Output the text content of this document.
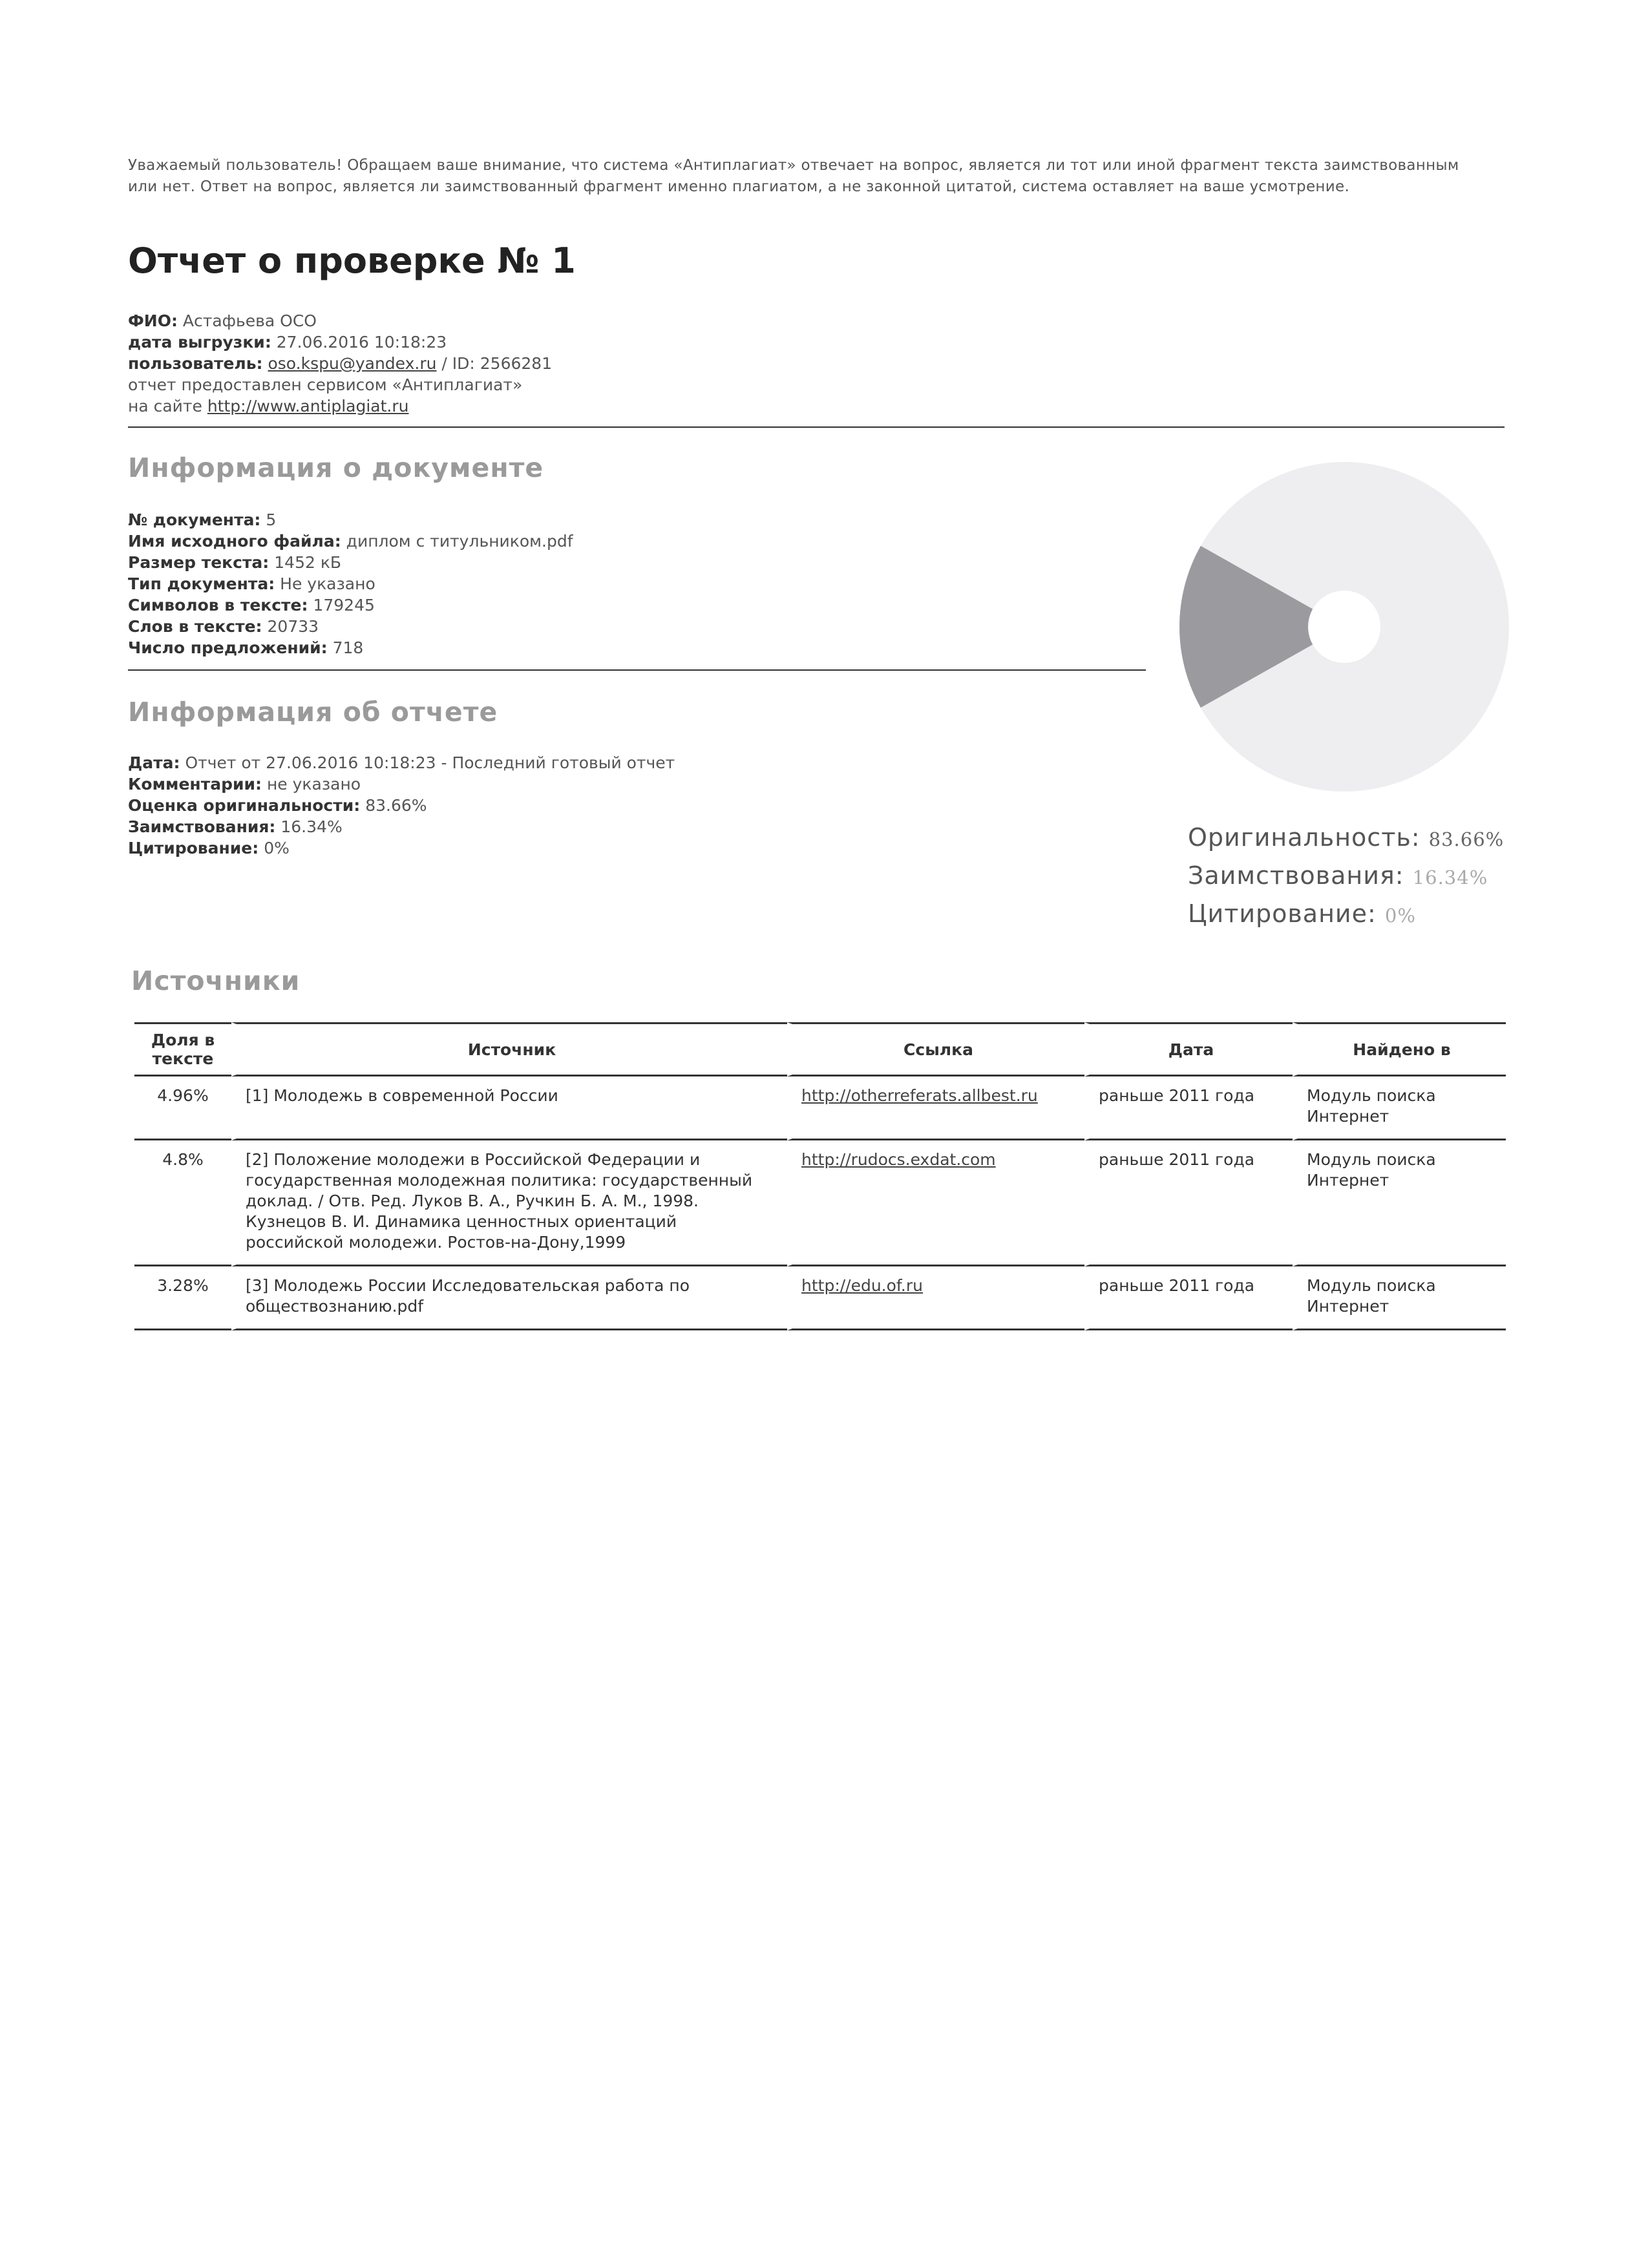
Уважаемый пользователь! Обращаем ваше внимание, что система «Антиплагиат» отвечает на вопрос, является ли тот или иной фрагмент текста заимствованным или нет. Ответ на вопрос, является ли заимствованный фрагмент именно плагиатом, а не законной цитатой, система оставляет на ваше усмотрение.
Отчет о проверке № 1
ФИО: Астафьева ОСО
дата выгрузки: 27.06.2016 10:18:23
пользователь: oso.kspu@yandex.ru / ID: 2566281
отчет предоставлен сервисом «Антиплагиат»
на сайте http://www.antiplagiat.ru
Информация о документе
№ документа: 5
Имя исходного файла: диплом с титульником.pdf
Размер текста: 1452 кБ
Тип документа: Не указано
Символов в тексте: 179245
Слов в тексте: 20733
Число предложений: 718
Информация об отчете
Дата: Отчет от 27.06.2016 10:18:23 - Последний готовый отчет
Комментарии: не указано
Оценка оригинальности: 83.66%
Заимствования: 16.34%
Цитирование: 0%	Оригинальность: 83.66%
Заимствования: 16.34%
Цитирование: 0%
Источники
Доля в тексте	Источник	Ссылка	Дата	Найдено в
4.96%	[1] Молодежь в современной России	http://otherreferats.allbest.ru	раньше 2011 года	Модуль поиска Интернет
4.8%	[2] Положение молодежи в Российской Федерации и государственная молодежная политика: государственный доклад. / Отв. Ред. Луков В. А., Ручкин Б. А. М., 1998. Кузнецов В. И. Динамика ценностных ориентаций российской молодежи. Ростов-на-Дону,1999	http://rudocs.exdat.com	раньше 2011 года	Модуль поиска Интернет
3.28%	[3] Молодежь России Исследовательская работа по обществознанию.pdf	http://edu.of.ru	раньше 2011 года	Модуль поиска Интернет
